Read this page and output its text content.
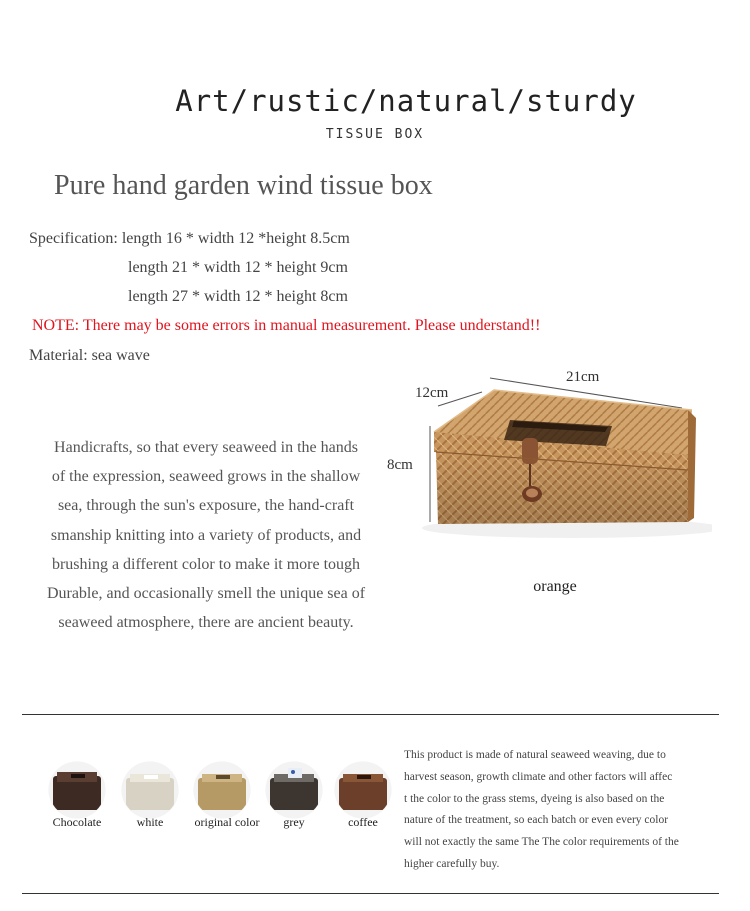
Art/rustic/natural/sturdy
TISSUE BOX
Pure hand garden wind tissue box
Specification: length 16 * width 12 *height 8.5cm
length 21 * width 12 * height 9cm
length 27 * width 12 * height 8cm
NOTE: There may be some errors in manual measurement. Please understand!!
Material: sea wave
Handicrafts, so that every seaweed in the hands
of the expression, seaweed grows in the shallow
sea, through the sun's exposure, the hand-craft
smanship knitting into a variety of products, and
brushing a different color to make it more tough
Durable, and occasionally smell the unique sea of
seaweed atmosphere, there are ancient beauty.
21cm
12cm
8cm
orange
Chocolate	white	original color	grey	coffee
This product is made of natural seaweed weaving, due to
harvest season, growth climate and other factors will affec
t the color to the grass stems, dyeing is also based on the
nature of the treatment, so each batch or even every color
will not exactly the same The The color requirements of the
higher carefully buy.
